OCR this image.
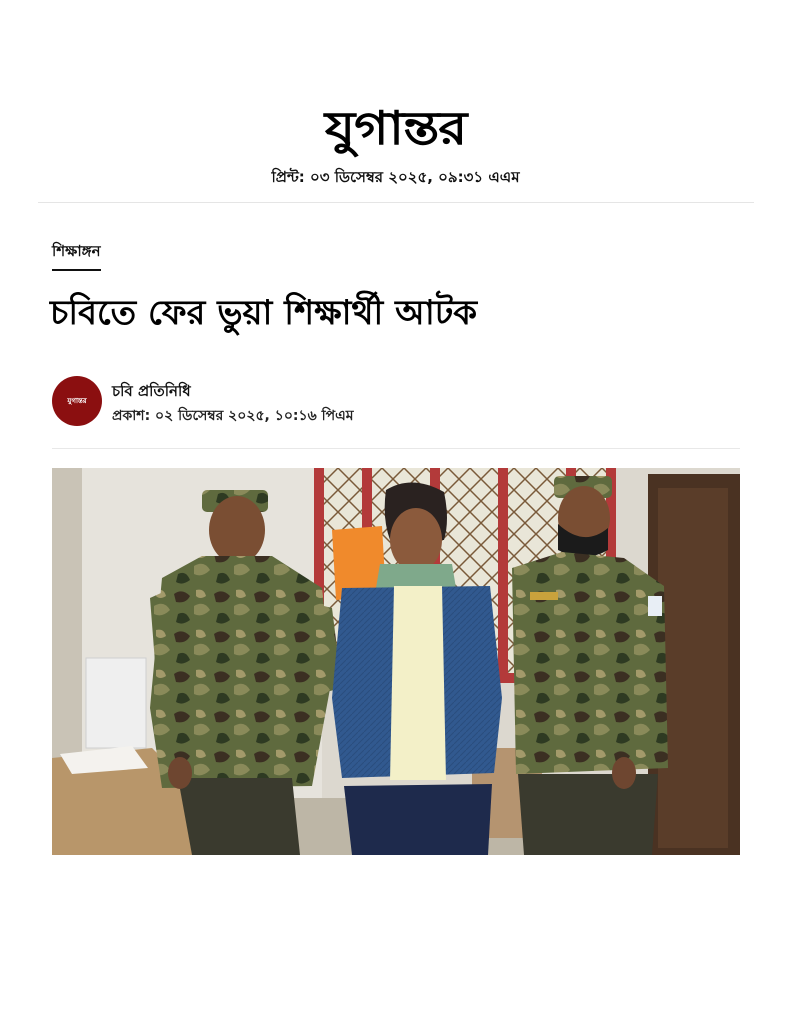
যুগান্তর
প্রিন্ট: ০৩ ডিসেম্বর ২০২৫, ০৯:৩১ এএম
শিক্ষাঙ্গন
চবিতে ফের ভুয়া শিক্ষার্থী আটক
যুগান্তর
চবি প্রতিনিধি
প্রকাশ: ০২ ডিসেম্বর ২০২৫, ১০:১৬ পিএম
